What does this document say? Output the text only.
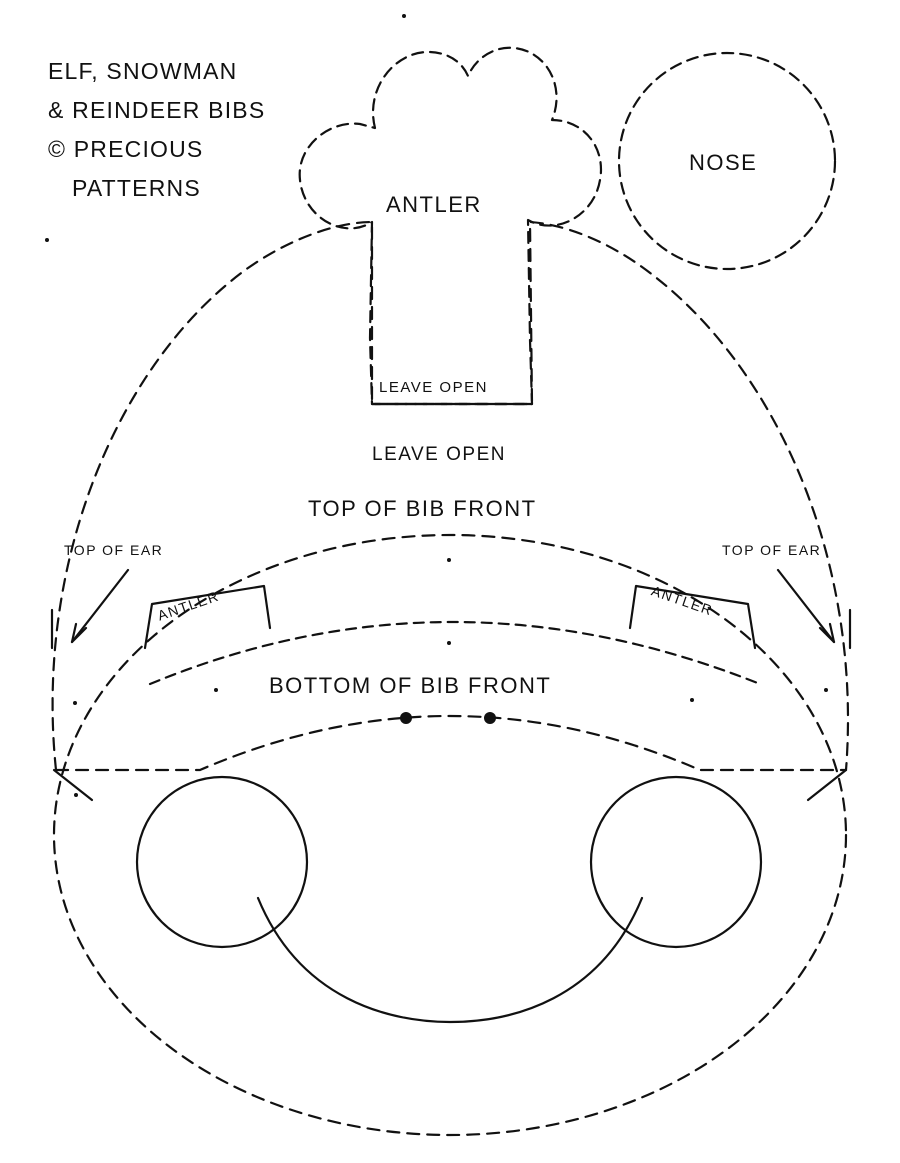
ELF, SNOWMAN
& REINDEER BIBS
© PRECIOUS
PATTERNS
ANTLER
NOSE
LEAVE OPEN
LEAVE OPEN
TOP OF BIB FRONT
BOTTOM OF BIB FRONT
TOP OF EAR	TOP OF EAR
ANTLER	ANTLER
